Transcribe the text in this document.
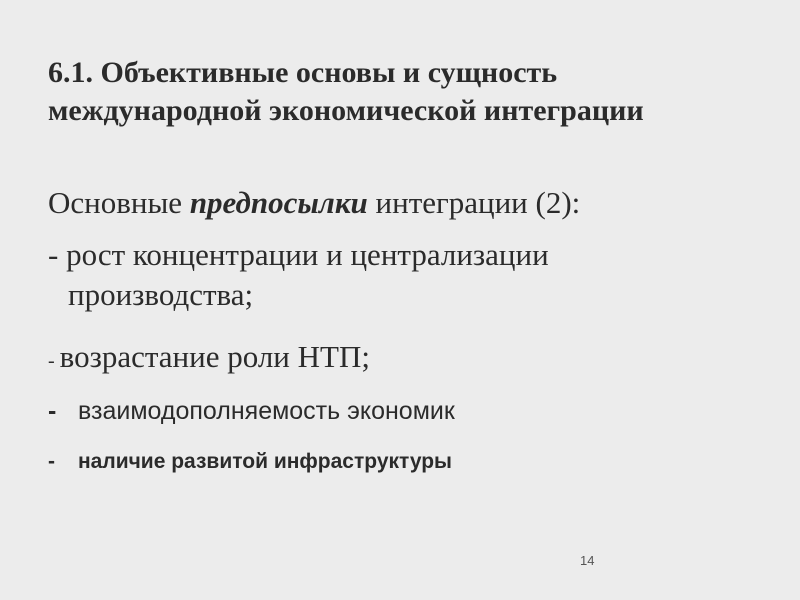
6.1. Объективные основы и сущность
международной экономической интеграции
Основные предпосылки интеграции (2):
- рост концентрации и централизации
производства;
- возрастание роли НТП;
- взаимодополняемость экономик
- наличие развитой инфраструктуры
14
